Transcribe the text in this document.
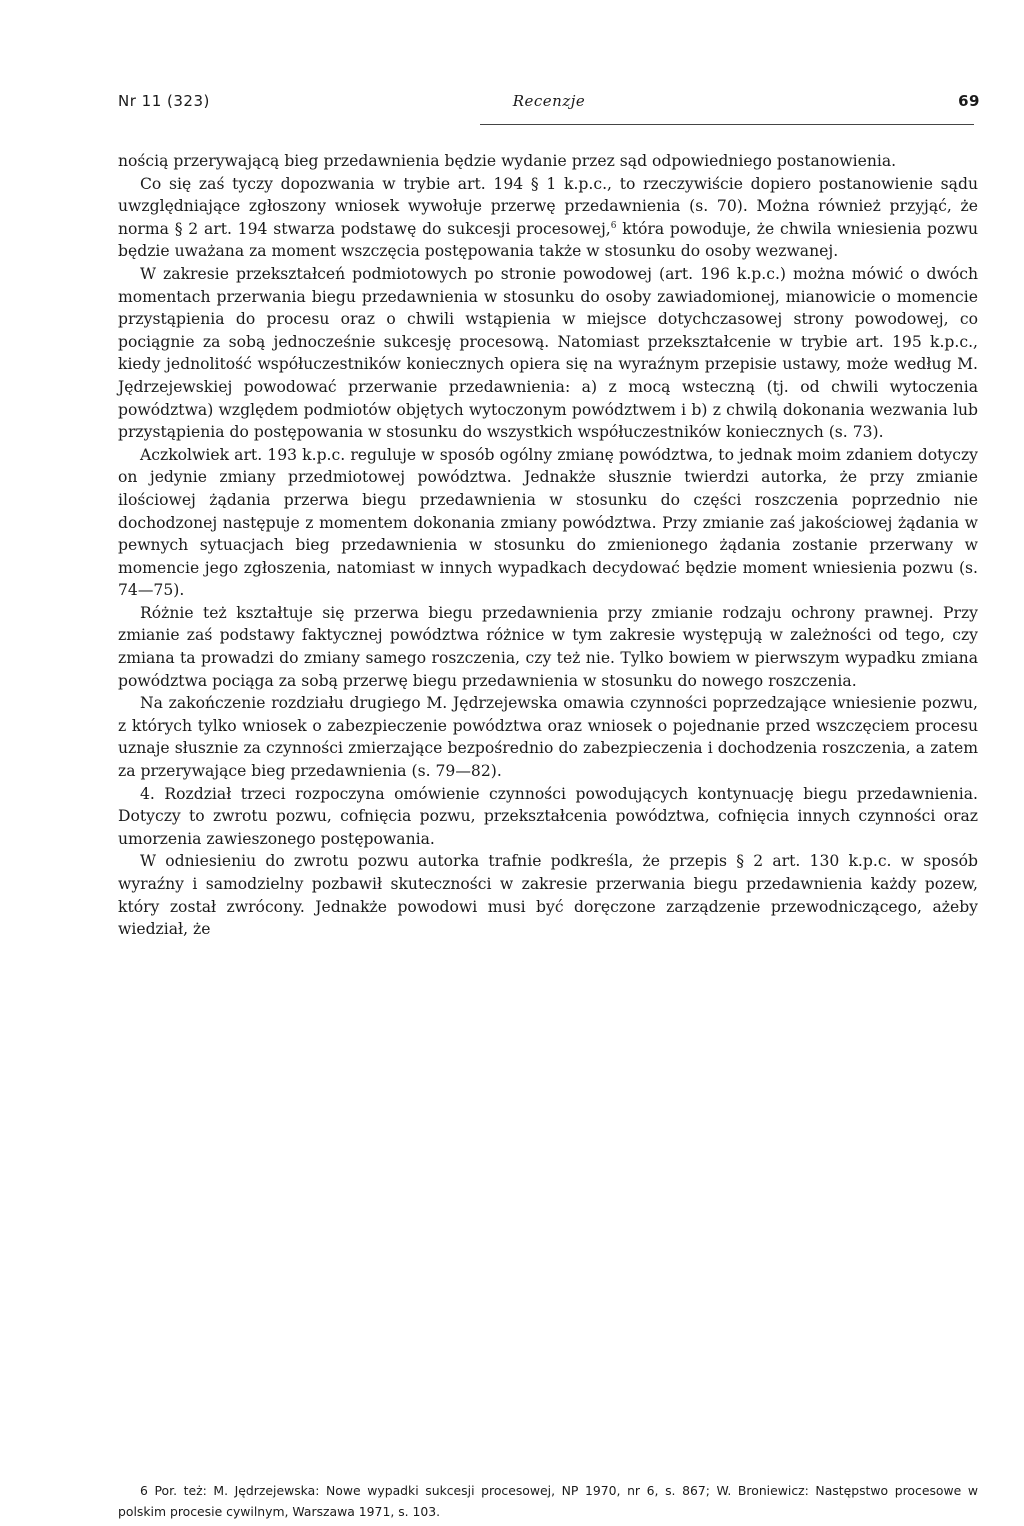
Nr 11 (323)	Recenzje	69

nością przerywającą bieg przedawnienia będzie wydanie przez sąd odpowiedniego postanowienia.

Co się zaś tyczy dopozwania w trybie art. 194 § 1 k.p.c., to rzeczywiście dopiero postanowienie sądu uwzględniające zgłoszony wniosek wywołuje przerwę przedawnienia (s. 70). Można również przyjąć, że norma § 2 art. 194 stwarza podstawę do sukcesji procesowej,$^6$ która powoduje, że chwila wniesienia pozwu będzie uważana za moment wszczęcia postępowania także w stosunku do osoby wezwanej.

W zakresie przekształceń podmiotowych po stronie powodowej (art. 196 k.p.c.) można mówić o dwóch momentach przerwania biegu przedawnienia w stosunku do osoby zawiadomionej, mianowicie o momencie przystąpienia do procesu oraz o chwili wstąpienia w miejsce dotychczasowej strony powodowej, co pociągnie za sobą jednocześnie sukcesję procesową. Natomiast przekształcenie w trybie art. 195 k.p.c., kiedy jednolitość współuczestników koniecznych opiera się na wyraźnym przepisie ustawy, może według M. Jędrzejewskiej powodować przerwanie przedawnienia: a) z mocą wsteczną (tj. od chwili wytoczenia powództwa) względem podmiotów objętych wytoczonym powództwem i b) z chwilą dokonania wezwania lub przystąpienia do postępowania w stosunku do wszystkich współuczestników koniecznych (s. 73).

Aczkolwiek art. 193 k.p.c. reguluje w sposób ogólny zmianę powództwa, to jednak moim zdaniem dotyczy on jedynie zmiany przedmiotowej powództwa. Jednakże słusznie twierdzi autorka, że przy zmianie ilościowej żądania przerwa biegu przedawnienia w stosunku do części roszczenia poprzednio nie dochodzonej następuje z momentem dokonania zmiany powództwa. Przy zmianie zaś jakościowej żądania w pewnych sytuacjach bieg przedawnienia w stosunku do zmienionego żądania zostanie przerwany w momencie jego zgłoszenia, natomiast w innych wypadkach decydować będzie moment wniesienia pozwu (s. 74—75).

Różnie też kształtuje się przerwa biegu przedawnienia przy zmianie rodzaju ochrony prawnej. Przy zmianie zaś podstawy faktycznej powództwa różnice w tym zakresie występują w zależności od tego, czy zmiana ta prowadzi do zmiany samego roszczenia, czy też nie. Tylko bowiem w pierwszym wypadku zmiana powództwa pociąga za sobą przerwę biegu przedawnienia w stosunku do nowego roszczenia.

Na zakończenie rozdziału drugiego M. Jędrzejewska omawia czynności poprzedzające wniesienie pozwu, z których tylko wniosek o zabezpieczenie powództwa oraz wniosek o pojednanie przed wszczęciem procesu uznaje słusznie za czynności zmierzające bezpośrednio do zabezpieczenia i dochodzenia roszczenia, a zatem za przerywające bieg przedawnienia (s. 79—82).

4. Rozdział trzeci rozpoczyna omówienie czynności powodujących kontynuację biegu przedawnienia. Dotyczy to zwrotu pozwu, cofnięcia pozwu, przekształcenia powództwa, cofnięcia innych czynności oraz umorzenia zawieszonego postępowania.

W odniesieniu do zwrotu pozwu autorka trafnie podkreśla, że przepis § 2 art. 130 k.p.c. w sposób wyraźny i samodzielny pozbawił skuteczności w zakresie przerwania biegu przedawnienia każdy pozew, który został zwrócony. Jednakże powodowi musi być doręczone zarządzenie przewodniczącego, ażeby wiedział, że

6 Por. też: M. Jędrzejewska: Nowe wypadki sukcesji procesowej, NP 1970, nr 6, s. 867; W. Broniewicz: Następstwo procesowe w polskim procesie cywilnym, Warszawa 1971, s. 103.
